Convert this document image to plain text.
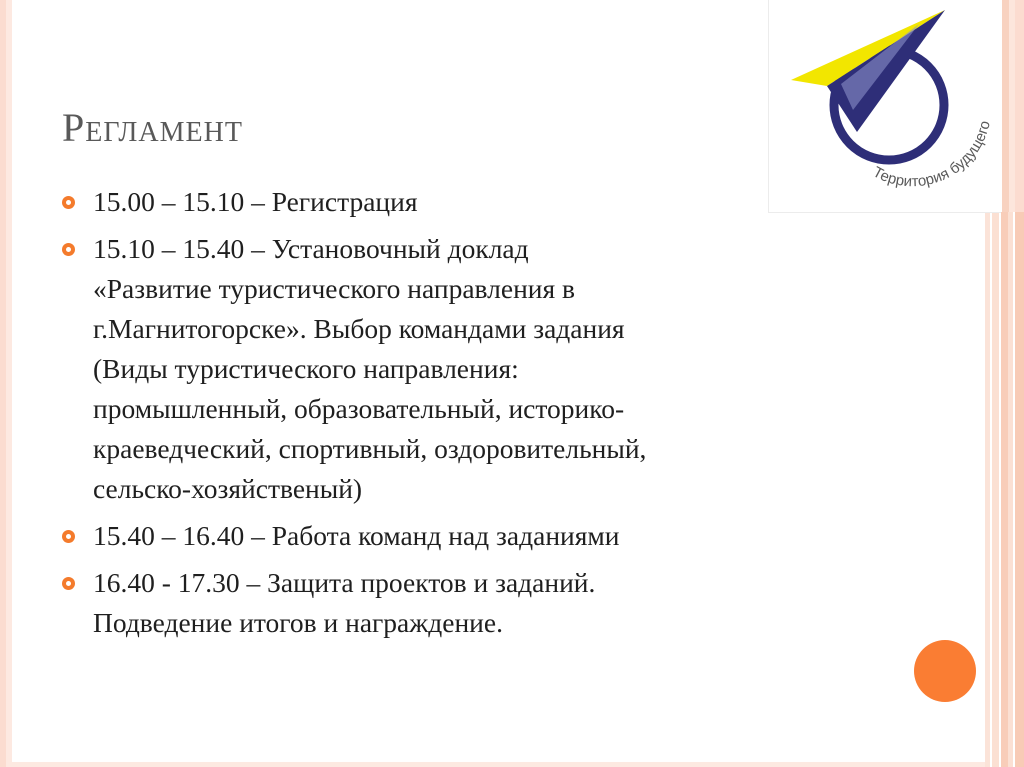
Территория будущего
Регламент
15.00 – 15.10 – Регистрация
15.10 – 15.40 – Установочный доклад
«Развитие туристического направления в
г.Магнитогорске». Выбор командами задания
(Виды туристического направления:
промышленный, образовательный, историко-
краеведческий, спортивный, оздоровительный,
сельско-хозяйственый)
15.40 – 16.40 – Работа команд над заданиями
16.40 - 17.30 – Защита проектов и заданий.
Подведение итогов и награждение.
